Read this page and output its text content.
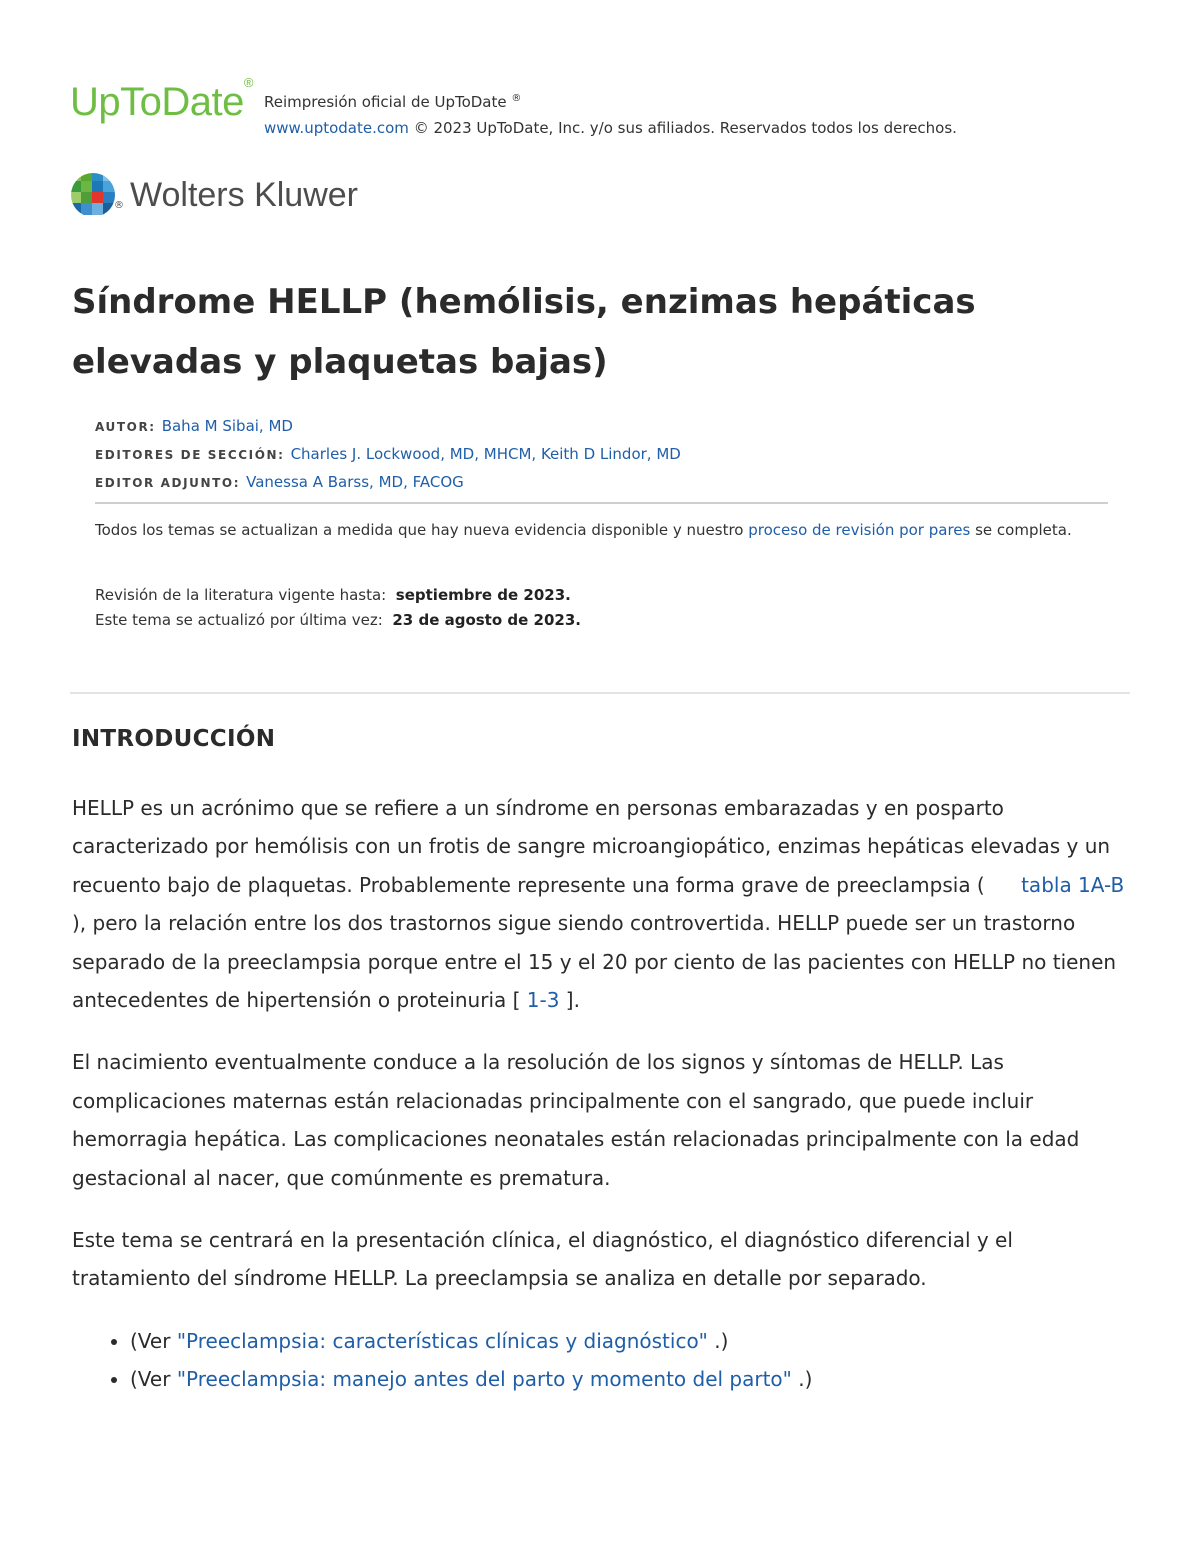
UpToDate®
Reimpresión oficial de UpToDate ®
www.uptodate.com © 2023 UpToDate, Inc. y/o sus afiliados. Reservados todos los derechos.
® Wolters Kluwer
Síndrome HELLP (hemólisis, enzimas hepáticas elevadas y plaquetas bajas)
AUTOR: Baha M Sibai, MD
EDITORES DE SECCIÓN: Charles J. Lockwood, MD, MHCM, Keith D Lindor, MD
EDITOR ADJUNTO: Vanessa A Barss, MD, FACOG
Todos los temas se actualizan a medida que hay nueva evidencia disponible y nuestro proceso de revisión por pares se completa.
Revisión de la literatura vigente hasta: septiembre de 2023.
Este tema se actualizó por última vez: 23 de agosto de 2023.
INTRODUCCIÓN

HELLP es un acrónimo que se refiere a un síndrome en personas embarazadas y en posparto caracterizado por hemólisis con un frotis de sangre microangiopático, enzimas hepáticas elevadas y un recuento bajo de plaquetas. Probablemente represente una forma grave de preeclampsia ( tabla 1A-B ), pero la relación entre los dos trastornos sigue siendo controvertida. HELLP puede ser un trastorno separado de la preeclampsia porque entre el 15 y el 20 por ciento de las pacientes con HELLP no tienen antecedentes de hipertensión o proteinuria [ 1-3 ].

El nacimiento eventualmente conduce a la resolución de los signos y síntomas de HELLP. Las complicaciones maternas están relacionadas principalmente con el sangrado, que puede incluir hemorragia hepática. Las complicaciones neonatales están relacionadas principalmente con la edad gestacional al nacer, que comúnmente es prematura.

Este tema se centrará en la presentación clínica, el diagnóstico, el diagnóstico diferencial y el tratamiento del síndrome HELLP. La preeclampsia se analiza en detalle por separado.

• (Ver "Preeclampsia: características clínicas y diagnóstico" .)
• (Ver "Preeclampsia: manejo antes del parto y momento del parto" .)
